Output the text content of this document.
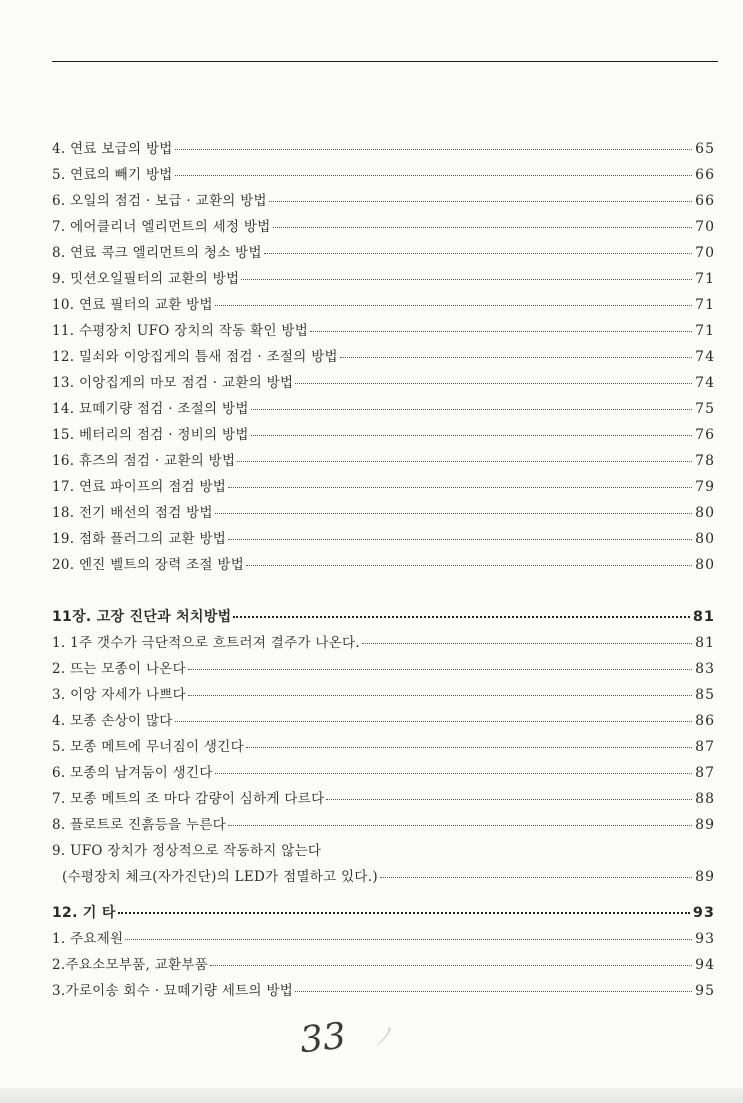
4. 연료 보급의 방법	65
5. 연료의 빼기 방법	66
6. 오일의 점검 · 보급 · 교환의 방법	66
7. 에어클리너 엘리먼트의 세정 방법	70
8. 연료 콕크 엘리먼트의 청소 방법	70
9. 밋션오일필터의 교환의 방법	71
10. 연료 필터의 교환 방법	71
11. 수평장치 UFO 장치의 작동 확인 방법	71
12. 밀쇠와 이앙집게의 틈새 점검 · 조절의 방법	74
13. 이앙집게의 마모 점검 · 교환의 방법	74
14. 묘떼기량 점검 · 조절의 방법	75
15. 베터리의 점검 · 정비의 방법	76
16. 휴즈의 점검 · 교환의 방법	78
17. 연료 파이프의 점검 방법	79
18. 전기 배선의 점검 방법	80
19. 점화 플러그의 교환 방법	80
20. 엔진 벨트의 장력 조절 방법	80
11장. 고장 진단과 처치방법	81
1. 1주 갯수가 극단적으로 흐트러져 결주가 나온다.	81
2. 뜨는 모종이 나온다	83
3. 이앙 자세가 나쁘다	85
4. 모종 손상이 많다	86
5. 모종 메트에 무너짐이 생긴다	87
6. 모종의 남겨둠이 생긴다	87
7. 모종 메트의 조 마다 감량이 심하게 다르다	88
8. 플로트로 진흙등을 누른다	89
9. UFO 장치가 정상적으로 작동하지 않는다
(수평장치 체크(자가진단)의 LED가 점멸하고 있다.)	89
12. 기 타	93
1. 주요제원	93
2.주요소모부품, 교환부품	94
3.가로이송 회수 · 묘떼기량 세트의 방법	95
33 ノ
